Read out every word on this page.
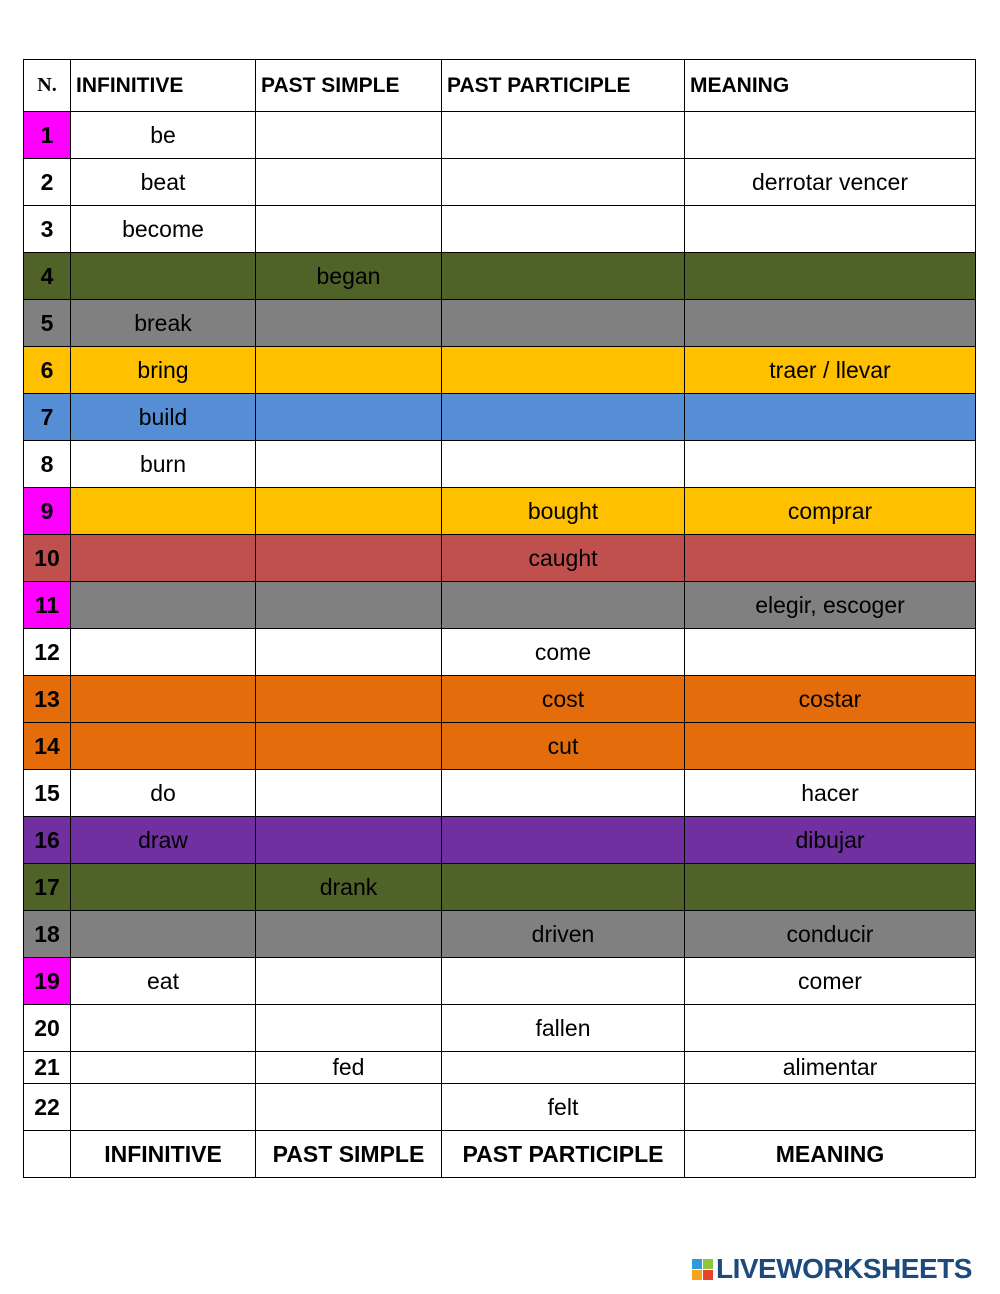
N.	INFINITIVE	PAST SIMPLE	PAST PARTICIPLE	MEANING
1	be			
2	beat			derrotar vencer
3	become			
4		began		
5	break			
6	bring			traer / llevar
7	build			
8	burn			
9			bought	comprar
10			caught	
11				elegir, escoger
12			come	
13			cost	costar
14			cut	
15	do			hacer
16	draw			dibujar
17		drank		
18			driven	conducir
19	eat			comer
20			fallen	
21		fed		alimentar
22			felt	
	INFINITIVE	PAST SIMPLE	PAST PARTICIPLE	MEANING
LIVEWORKSHEETS
